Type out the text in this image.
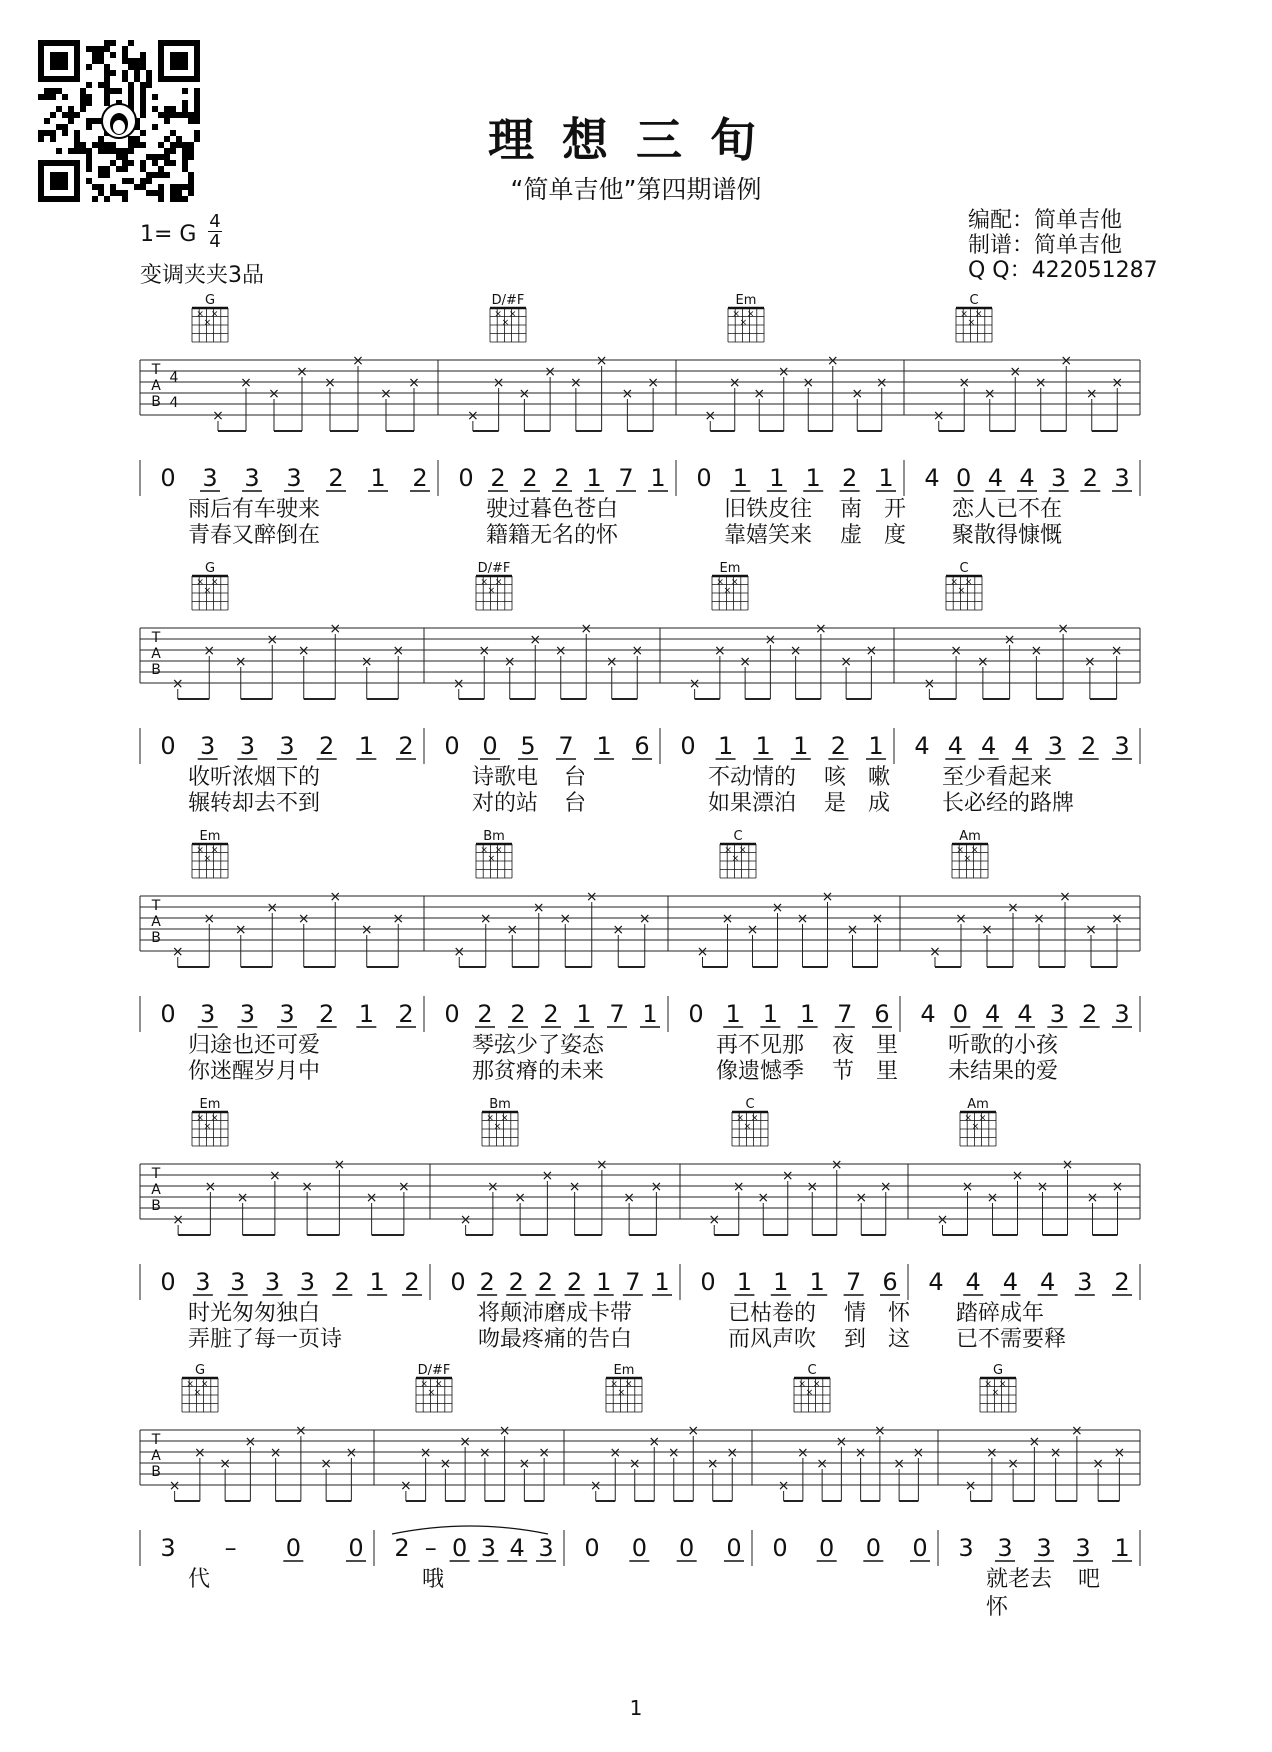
理想三旬
“简单吉他”第四期谱例
1= G
4
4
变调夹夹3品
编配：简单吉他
制谱：简单吉他
Q Q：422051287
T
A
B
4
4
G
×
×
×
×
×
×
×
×
×
×
×
0 3 3 3 2 1 2
雨后有车驶来
青春又醉倒在
D/#F
×
×
×
×
×
×
×
×
×
×
×
0 2 2 2 1 7 1
驶过暮色苍白
籍籍无名的怀
Em
×
×
×
×
×
×
×
×
×
×
×
0 1 1 1 2 1
旧铁皮往 南 开
靠嬉笑来 虚 度
C
×
×
×
×
×
×
×
×
×
×
×
4 0 4 4 3 2 3
恋人已不在
聚散得慷慨
T
A
B
G
×
×
×
×
×
×
×
×
×
×
×
0 3 3 3 2 1 2
收听浓烟下的
辗转却去不到
D/#F
×
×
×
×
×
×
×
×
×
×
×
0 0 5 7 1 6
诗歌电 台
对的站 台
Em
×
×
×
×
×
×
×
×
×
×
×
0 1 1 1 2 1
不动情的 咳 嗽
如果漂泊 是 成
C
×
×
×
×
×
×
×
×
×
×
×
4 4 4 4 3 2 3
至少看起来
长必经的路牌
T
A
B
Em
×
×
×
×
×
×
×
×
×
×
×
0 3 3 3 2 1 2
归途也还可爱
你迷醒岁月中
Bm
×
×
×
×
×
×
×
×
×
×
×
0 2 2 2 1 7 1
琴弦少了姿态
那贫瘠的未来
C
×
×
×
×
×
×
×
×
×
×
×
0 1 1 1 7 6
再不见那 夜 里
像遗憾季 节 里
Am
×
×
×
×
×
×
×
×
×
×
×
4 0 4 4 3 2 3
听歌的小孩
未结果的爱
T
A
B
Em
×
×
×
×
×
×
×
×
×
×
×
0 3 3 3 3 2 1 2
时光匆匆独白
弄脏了每一页诗
Bm
×
×
×
×
×
×
×
×
×
×
×
0 2 2 2 2 1 7 1
将颠沛磨成卡带
吻最疼痛的告白
C
×
×
×
×
×
×
×
×
×
×
×
0 1 1 1 7 6
已枯卷的 情 怀
而风声吹 到 这
Am
×
×
×
×
×
×
×
×
×
×
×
4 4 4 4 3 2
踏碎成年
已不需要释
T
A
B
G
×
×
×
×
×
×
×
×
×
×
×
3 – 0 0
代
D/#F
×
×
×
×
×
×
×
×
×
×
×
2 – 0 3 4 3
哦
Em
×
×
×
×
×
×
×
×
×
×
×
0 0 0 0
C
×
×
×
×
×
×
×
×
×
×
×
0 0 0 0
G
×
×
×
×
×
×
×
×
×
×
×
3 3 3 3 1
就老去 吧
怀
1
